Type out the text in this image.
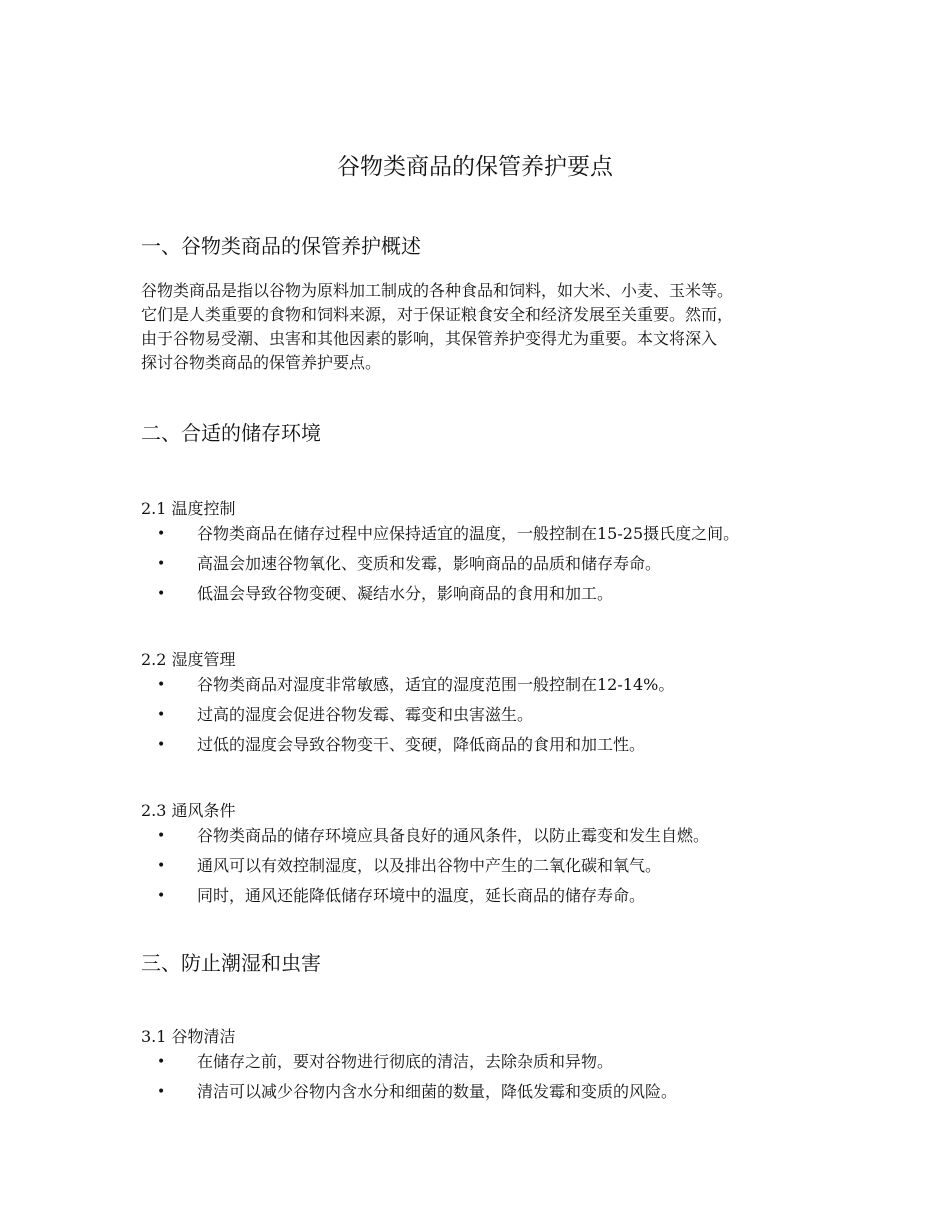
谷物类商品的保管养护要点
一、谷物类商品的保管养护概述
谷物类商品是指以谷物为原料加工制成的各种食品和饲料，如大米、小麦、玉米等。
它们是人类重要的食物和饲料来源，对于保证粮食安全和经济发展至关重要。然而，
由于谷物易受潮、虫害和其他因素的影响，其保管养护变得尤为重要。本文将深入
探讨谷物类商品的保管养护要点。
二、合适的储存环境
2.1 温度控制
• 谷物类商品在储存过程中应保持适宜的温度，一般控制在15-25摄氏度之间。
• 高温会加速谷物氧化、变质和发霉，影响商品的品质和储存寿命。
• 低温会导致谷物变硬、凝结水分，影响商品的食用和加工。
2.2 湿度管理
• 谷物类商品对湿度非常敏感，适宜的湿度范围一般控制在12-14%。
• 过高的湿度会促进谷物发霉、霉变和虫害滋生。
• 过低的湿度会导致谷物变干、变硬，降低商品的食用和加工性。
2.3 通风条件
• 谷物类商品的储存环境应具备良好的通风条件，以防止霉变和发生自燃。
• 通风可以有效控制湿度，以及排出谷物中产生的二氧化碳和氧气。
• 同时，通风还能降低储存环境中的温度，延长商品的储存寿命。
三、防止潮湿和虫害
3.1 谷物清洁
• 在储存之前，要对谷物进行彻底的清洁，去除杂质和异物。
• 清洁可以减少谷物内含水分和细菌的数量，降低发霉和变质的风险。
